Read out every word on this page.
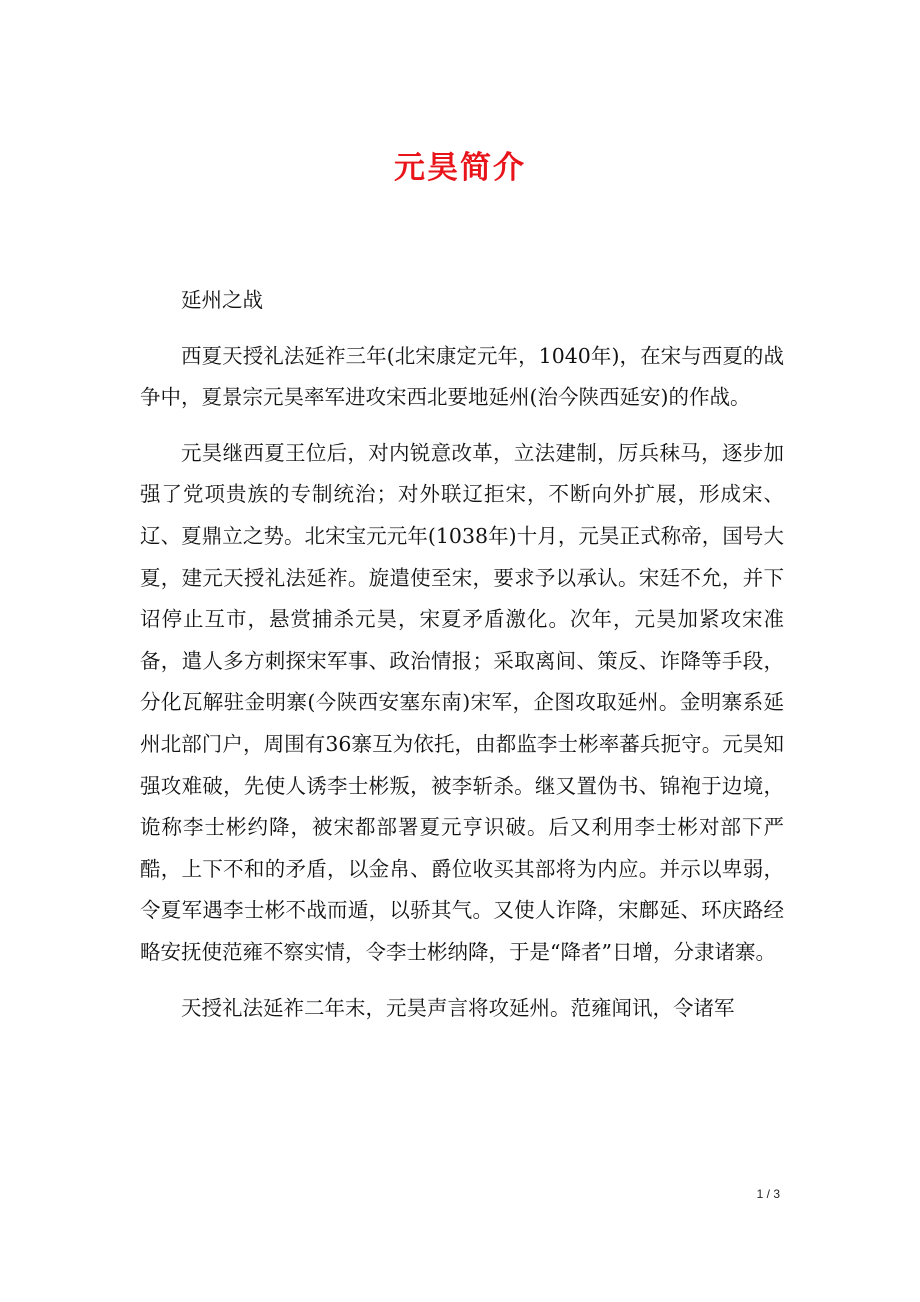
元昊简介

延州之战

西夏天授礼法延祚三年(北宋康定元年，1040年)，在宋与西夏的战争中，夏景宗元昊率军进攻宋西北要地延州(治今陕西延安)的作战。

元昊继西夏王位后，对内锐意改革，立法建制，厉兵秣马，逐步加强了党项贵族的专制统治；对外联辽拒宋，不断向外扩展，形成宋、辽、夏鼎立之势。北宋宝元元年(1038年)十月，元昊正式称帝，国号大夏，建元天授礼法延祚。旋遣使至宋，要求予以承认。宋廷不允，并下诏停止互市，悬赏捕杀元昊，宋夏矛盾激化。次年，元昊加紧攻宋准备，遣人多方刺探宋军事、政治情报；采取离间、策反、诈降等手段，分化瓦解驻金明寨(今陕西安塞东南)宋军，企图攻取延州。金明寨系延州北部门户，周围有36寨互为依托，由都监李士彬率蕃兵扼守。元昊知强攻难破，先使人诱李士彬叛，被李斩杀。继又置伪书、锦袍于边境，诡称李士彬约降，被宋都部署夏元亨识破。后又利用李士彬对部下严酷，上下不和的矛盾，以金帛、爵位收买其部将为内应。并示以卑弱，令夏军遇李士彬不战而遁，以骄其气。又使人诈降，宋鄜延、环庆路经略安抚使范雍不察实情，令李士彬纳降，于是“降者”日增，分隶诸寨。

天授礼法延祚二年末，元昊声言将攻延州。范雍闻讯，令诸军

1 / 3
